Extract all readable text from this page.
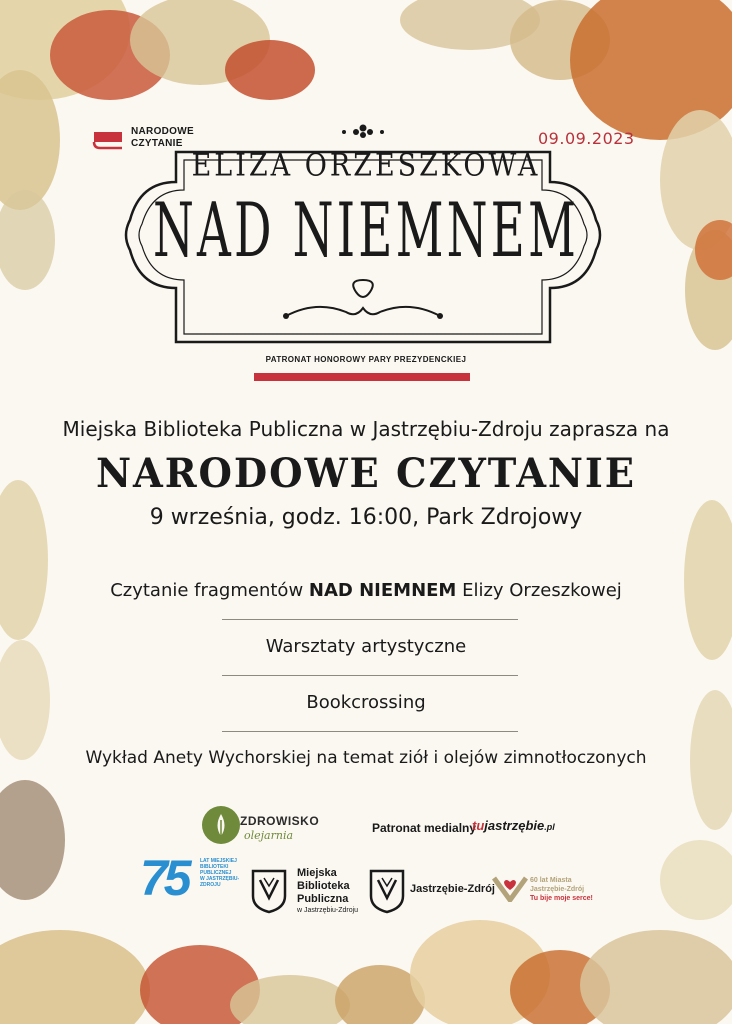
NARODOWE
CZYTANIE	09.09.2023
ELIZA ORZESZKOWA
NAD NIEMNEM
PATRONAT HONOROWY PARY PREZYDENCKIEJ
Miejska Biblioteka Publiczna w Jastrzębiu-Zdroju zaprasza na
NARODOWE CZYTANIE
9 września, godz. 16:00, Park Zdrojowy
Czytanie fragmentów NAD NIEMNEM Elizy Orzeszkowej
Warsztaty artystyczne
Bookcrossing
Wykład Anety Wychorskiej na temat ziół i olejów zimnotłoczonych
ZDROWISKO
olejarnia
Patronat medialny
tujastrzębie.pl
75 LAT MIEJSKIEJ
BIBLIOTEKI
PUBLICZNEJ
W JASTRZĘBIU-
ZDROJU
Miejska
Biblioteka
Publiczna
w Jastrzębiu-Zdroju
Jastrzębie-Zdrój
60 lat Miasta
Jastrzębie-Zdrój
Tu bije moje serce!
